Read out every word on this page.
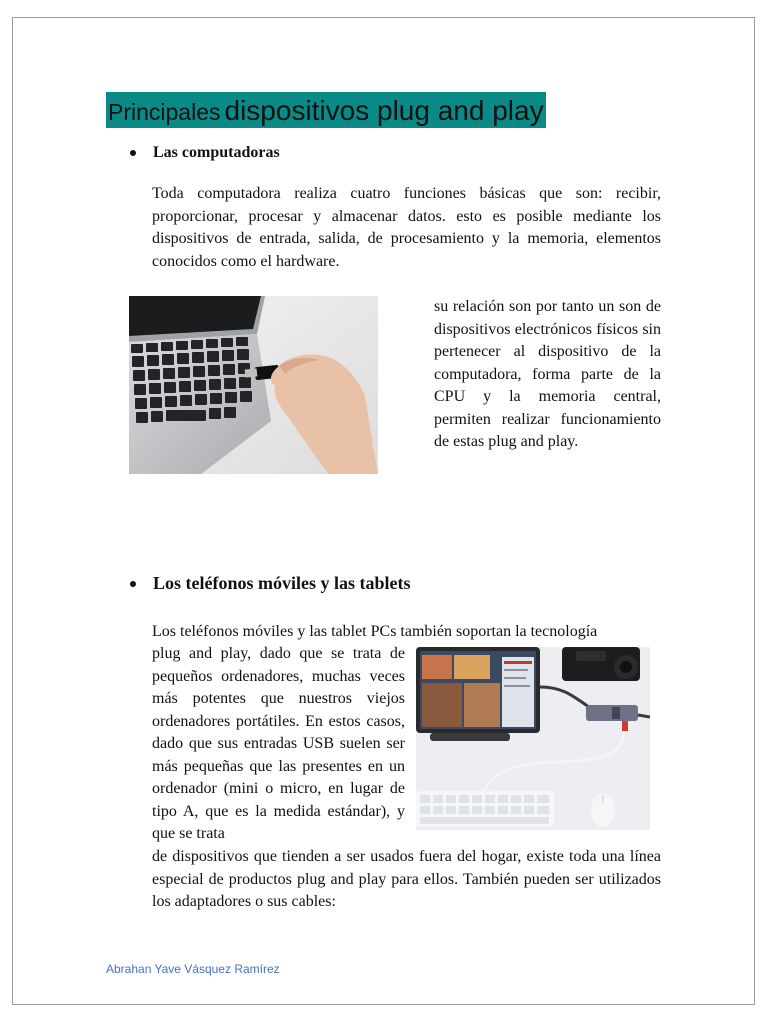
Principales dispositivos plug and play
Las computadoras
Toda computadora realiza cuatro funciones básicas que son: recibir, proporcionar, procesar y almacenar datos. esto es posible mediante los dispositivos de entrada, salida, de procesamiento y la memoria, elementos conocidos como el hardware.
su relación son por tanto un son de dispositivos electrónicos físicos sin pertenecer al dispositivo de la computadora, forma parte de la CPU y la memoria central, permiten realizar funcionamiento de estas plug and play.
Los teléfonos móviles y las tablets
Los teléfonos móviles y las tablet PCs también soportan la tecnología
plug and play, dado que se trata de pequeños ordenadores, muchas veces más potentes que nuestros viejos ordenadores portátiles. En estos casos, dado que sus entradas USB suelen ser más pequeñas que las presentes en un ordenador (mini o micro, en lugar de tipo A, que es la medida estándar), y que se trata
de dispositivos que tienden a ser usados fuera del hogar, existe toda una línea especial de productos plug and play para ellos. También pueden ser utilizados los adaptadores o sus cables:
Abrahan Yave Vásquez Ramírez
